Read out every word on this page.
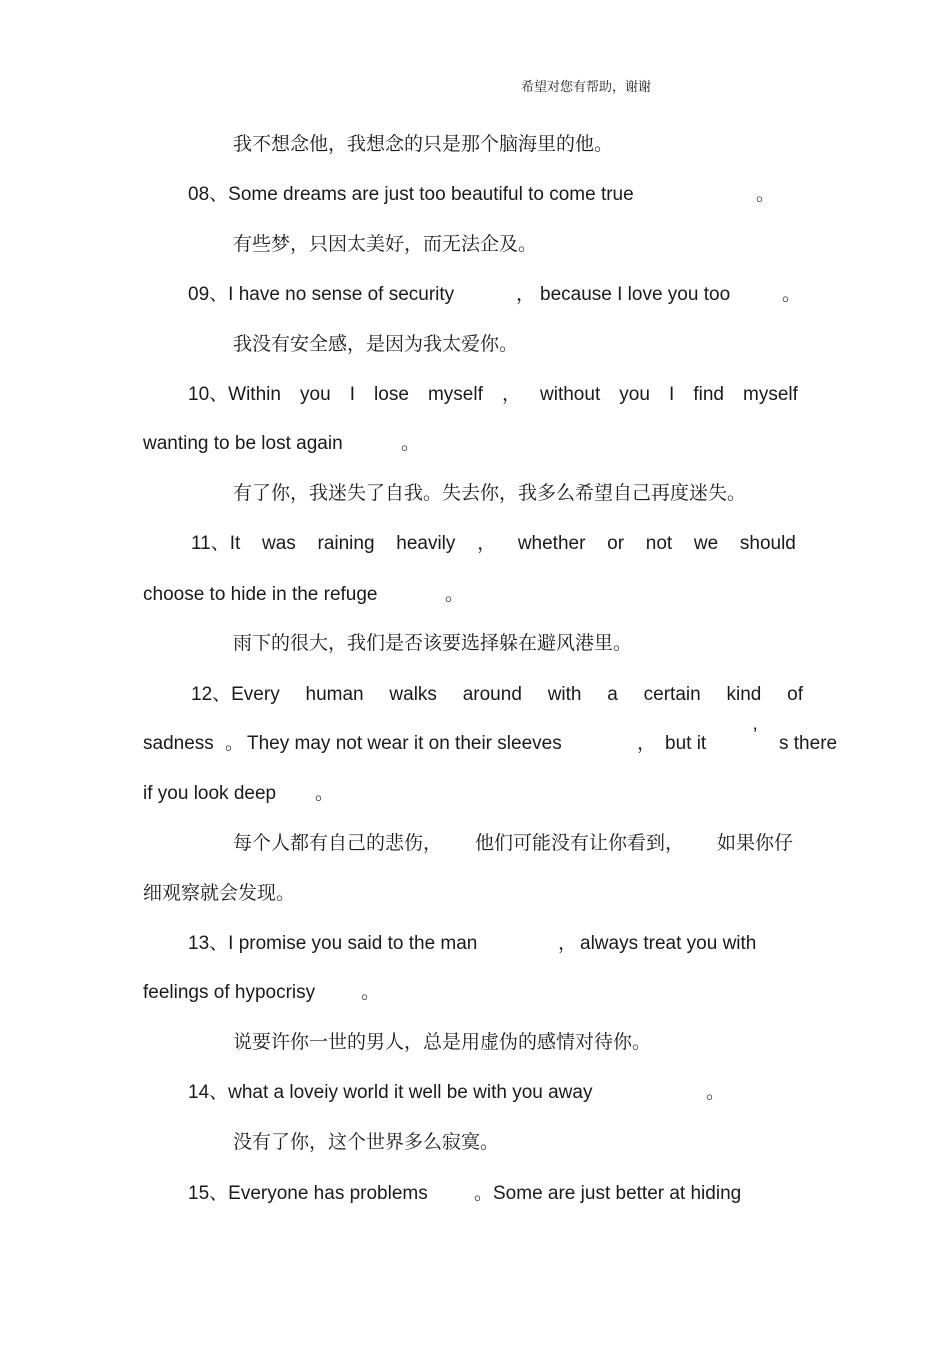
希望对您有帮助，谢谢
我不想念他，我想念的只是那个脑海里的他。
08、Some dreams are just too beautiful to come true	。
有些梦，只因太美好，而无法企及。
09、I have no sense of security	， because I love you too	。
我没有安全感，是因为我太爱你。
10、Within you I lose myself ， without you I find myself
wanting to be lost again	。
有了你，我迷失了自我。失去你，我多么希望自己再度迷失。
11、It was raining heavily ， whether or not we should
choose to hide in the refuge	。
雨下的很大，我们是否该要选择躲在避风港里。
12、Every human walks around with a certain kind of
sadness 。 They may not wear it on their sleeves	， but it ’ s there
if you look deep 。
每个人都有自己的悲伤， 他们可能没有让你看到， 如果你仔
细观察就会发现。
13、I promise you said to the man	， always treat you with
feelings of hypocrisy 。
说要许你一世的男人，总是用虚伪的感情对待你。
14、what a loveiy world it well be with you away	。
没有了你，这个世界多么寂寞。
15、Everyone has problems 。 Some are just better at hiding
